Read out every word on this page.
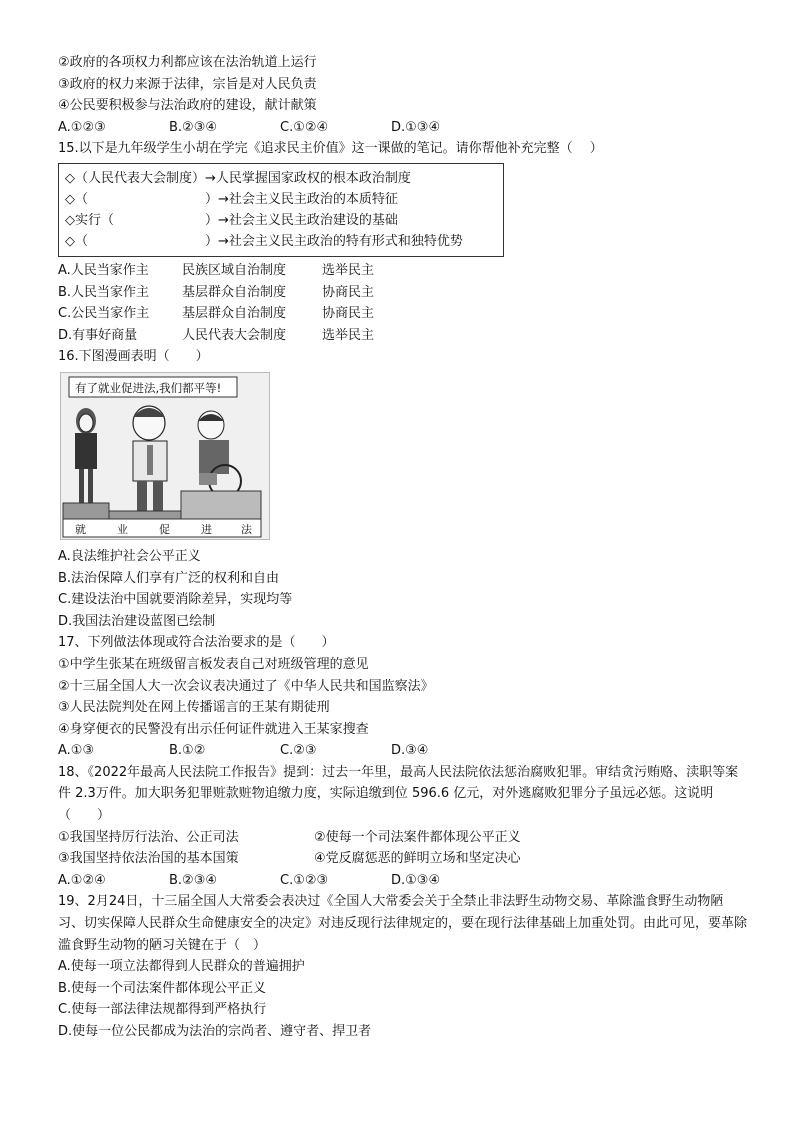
②政府的各项权力利都应该在法治轨道上运行
③政府的权力来源于法律，宗旨是对人民负责
④公民要积极参与法治政府的建设，献计献策
A.①②③	B.②③④	C.①②④	D.①③④
15.以下是九年级学生小胡在学完《追求民主价值》这一课做的笔记。请你帮他补充完整（　 ）
◇（人民代表大会制度）→人民掌握国家政权的根本政治制度
◇（　　　　　　　　　）→社会主义民主政治的本质特征
◇实行（　　　　　　　）→社会主义民主政治建设的基础
◇（　　　　　　　　　）→社会主义民主政治的特有形式和独特优势
A.人民当家作主	民族区域自治制度	选举民主
B.人民当家作主	基层群众自治制度	协商民主
C.公民当家作主	基层群众自治制度	协商民主
D.有事好商量	人民代表大会制度	选举民主
16.下图漫画表明（　　）
有了就业促进法,我们都平等!
就	业	促	进	法
A.良法维护社会公平正义
B.法治保障人们享有广泛的权利和自由
C.建设法治中国就要消除差异，实现均等
D.我国法治建设蓝图已绘制
17、下列做法体现或符合法治要求的是（　　）
①中学生张某在班级留言板发表自己对班级管理的意见
②十三届全国人大一次会议表决通过了《中华人民共和国监察法》
③人民法院判处在网上传播谣言的王某有期徒刑
④身穿便衣的民警没有出示任何证件就进入王某家搜查
A.①③	B.①②	C.②③	D.③④
18、《2022年最高人民法院工作报告》提到：过去一年里，最高人民法院依法惩治腐败犯罪。审结贪污贿赂、渎职等案件 2.3万件。加大职务犯罪赃款赃物追缴力度，实际追缴到位 596.6 亿元，对外逃腐败犯罪分子虽远必惩。这说明（　　）
①我国坚持厉行法治、公正司法	②使每一个司法案件都体现公平正义
③我国坚持依法治国的基本国策	④党反腐惩恶的鲜明立场和坚定决心
A.①②④	B.②③④	C.①②③	D.①③④
19、2月24日，十三届全国人大常委会表决过《全国人大常委会关于全禁止非法野生动物交易、革除滥食野生动物陋习、切实保障人民群众生命健康安全的决定》对违反现行法律规定的，要在现行法律基础上加重处罚。由此可见，要革除滥食野生动物的陋习关键在于（　）
A.使每一项立法都得到人民群众的普遍拥护
B.使每一个司法案件都体现公平正义
C.使每一部法律法规都得到严格执行
D.使每一位公民都成为法治的宗尚者、遵守者、捍卫者
